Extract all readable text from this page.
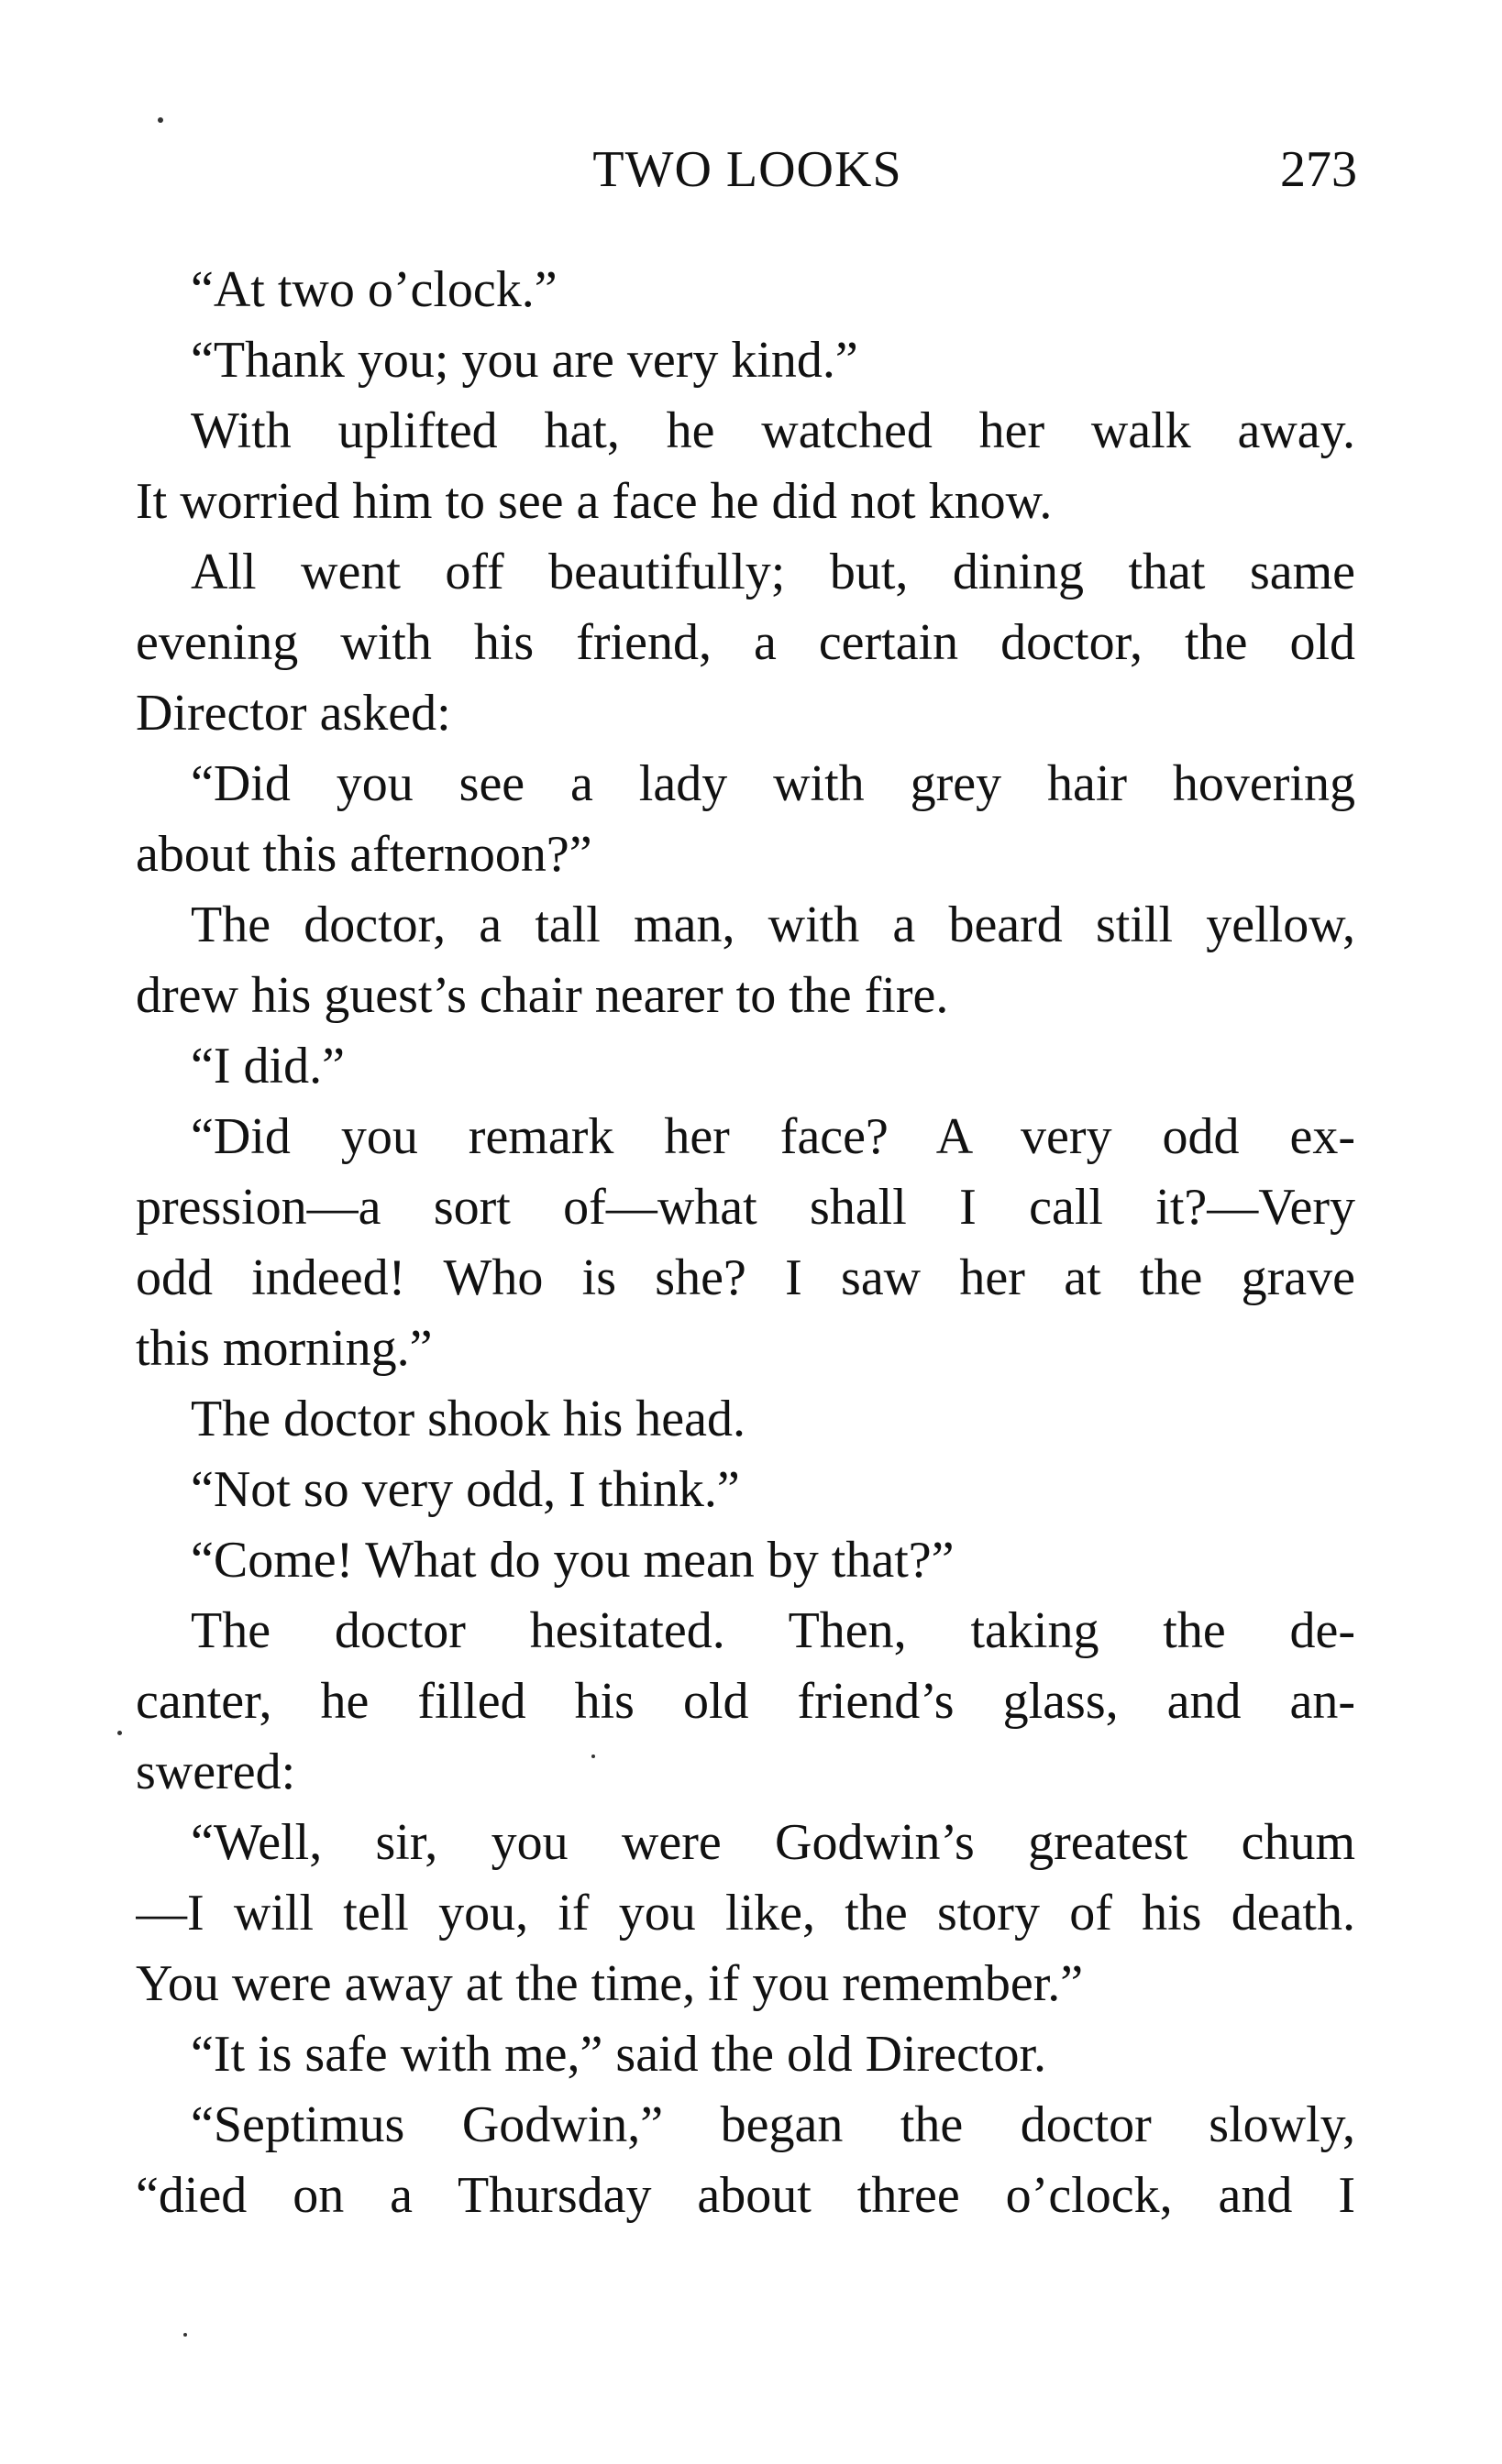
TWO LOOKS	273
“At two o’clock.”
“Thank you; you are very kind.”
With uplifted hat, he watched her walk away.
It worried him to see a face he did not know.
All went off beautifully; but, dining that same
evening with his friend, a certain doctor, the old
Director asked:
“Did you see a lady with grey hair hovering
about this afternoon?”
The doctor, a tall man, with a beard still yellow,
drew his guest’s chair nearer to the fire.
“I did.”
“Did you remark her face? A very odd ex-
pression—a sort of—what shall I call it?—Very
odd indeed! Who is she? I saw her at the grave
this morning.”
The doctor shook his head.
“Not so very odd, I think.”
“Come! What do you mean by that?”
The doctor hesitated. Then, taking the de-
canter, he filled his old friend’s glass, and an-
swered:
“Well, sir, you were Godwin’s greatest chum
—I will tell you, if you like, the story of his death.
You were away at the time, if you remember.”
“It is safe with me,” said the old Director.
“Septimus Godwin,” began the doctor slowly,
“died on a Thursday about three o’clock, and I
